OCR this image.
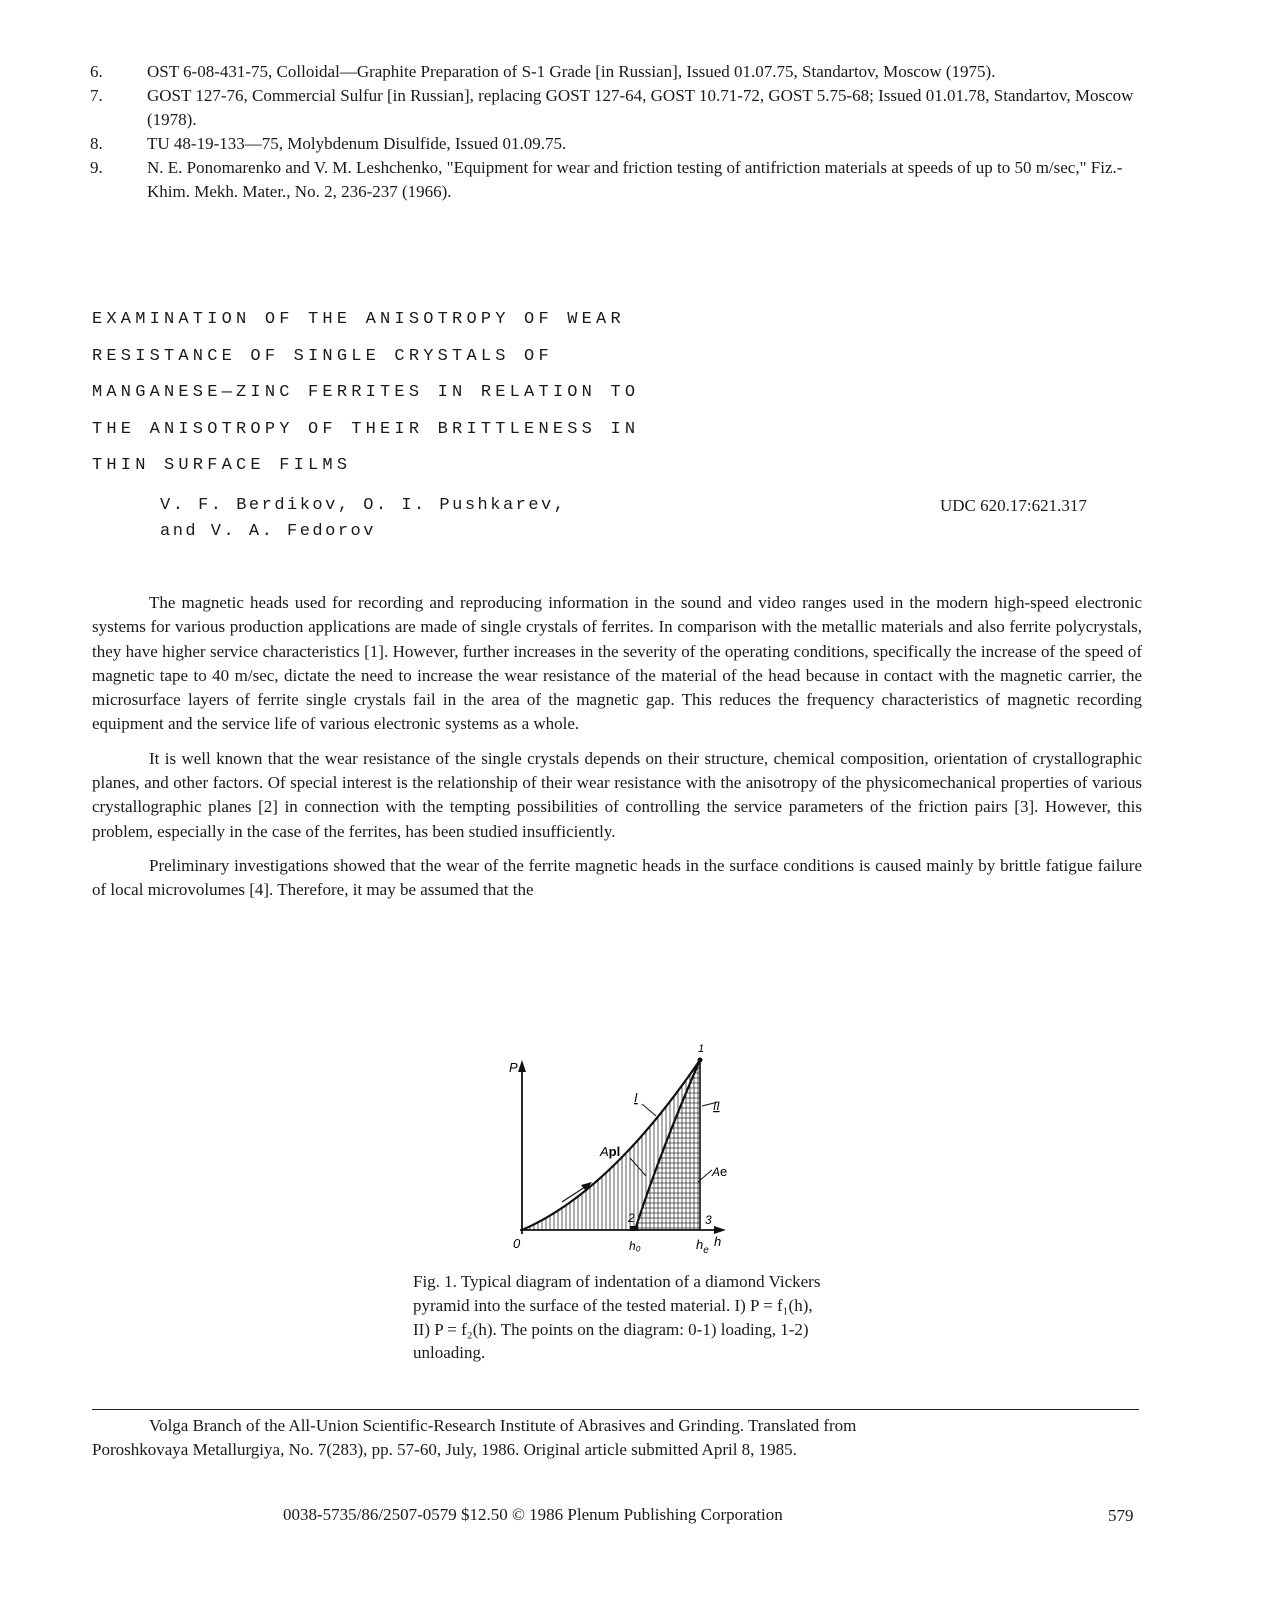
6.	OST 6-08-431-75, Colloidal—Graphite Preparation of S-1 Grade [in Russian], Issued 01.07.75, Standartov, Moscow (1975).
7.	GOST 127-76, Commercial Sulfur [in Russian], replacing GOST 127-64, GOST 10.71-72, GOST 5.75-68; Issued 01.01.78, Standartov, Moscow (1978).
8.	TU 48-19-133—75, Molybdenum Disulfide, Issued 01.09.75.
9.	N. E. Ponomarenko and V. M. Leshchenko, "Equipment for wear and friction testing of antifriction materials at speeds of up to 50 m/sec," Fiz.-Khim. Mekh. Mater., No. 2, 236-237 (1966).
EXAMINATION OF THE ANISOTROPY OF WEAR
RESISTANCE OF SINGLE CRYSTALS OF
MANGANESE—ZINC FERRITES IN RELATION TO
THE ANISOTROPY OF THEIR BRITTLENESS IN
THIN SURFACE FILMS
V. F. Berdikov, O. I. Pushkarev,
and V. A. Fedorov
UDC 620.17:621.317

The magnetic heads used for recording and reproducing information in the sound and video ranges used in the modern high-speed electronic systems for various production applications are made of single crystals of ferrites. In comparison with the metallic materials and also ferrite polycrystals, they have higher service characteristics [1]. However, further increases in the severity of the operating conditions, specifically the increase of the speed of magnetic tape to 40 m/sec, dictate the need to increase the wear resistance of the material of the head because in contact with the magnetic carrier, the microsurface layers of ferrite single crystals fail in the area of the magnetic gap. This reduces the frequency characteristics of magnetic recording equipment and the service life of various electronic systems as a whole.

It is well known that the wear resistance of the single crystals depends on their structure, chemical composition, orientation of crystallographic planes, and other factors. Of special interest is the relationship of their wear resistance with the anisotropy of the physicomechanical properties of various crystallographic planes [2] in connection with the tempting possibilities of controlling the service parameters of the friction pairs [3]. However, this problem, especially in the case of the ferrites, has been studied insufficiently.

Preliminary investigations showed that the wear of the ferrite magnetic heads in the surface conditions is caused mainly by brittle fatigue failure of local microvolumes [4]. Therefore, it may be assumed that the

P
0	h₀	$h_e$
h
1
2	3
I
II
Apl
Ae
Fig. 1. Typical diagram of indentation of a diamond Vickers pyramid into the surface of the tested material. I) P = f₁(h), II) P = f₂(h). The points on the diagram: 0-1) loading, 1-2) unloading.
Volga Branch of the All-Union Scientific-Research Institute of Abrasives and Grinding. Translated from
Poroshkovaya Metallurgiya, No. 7(283), pp. 57-60, July, 1986. Original article submitted April 8, 1985.
0038-5735/86/2507-0579 $12.50 © 1986 Plenum Publishing Corporation	579
